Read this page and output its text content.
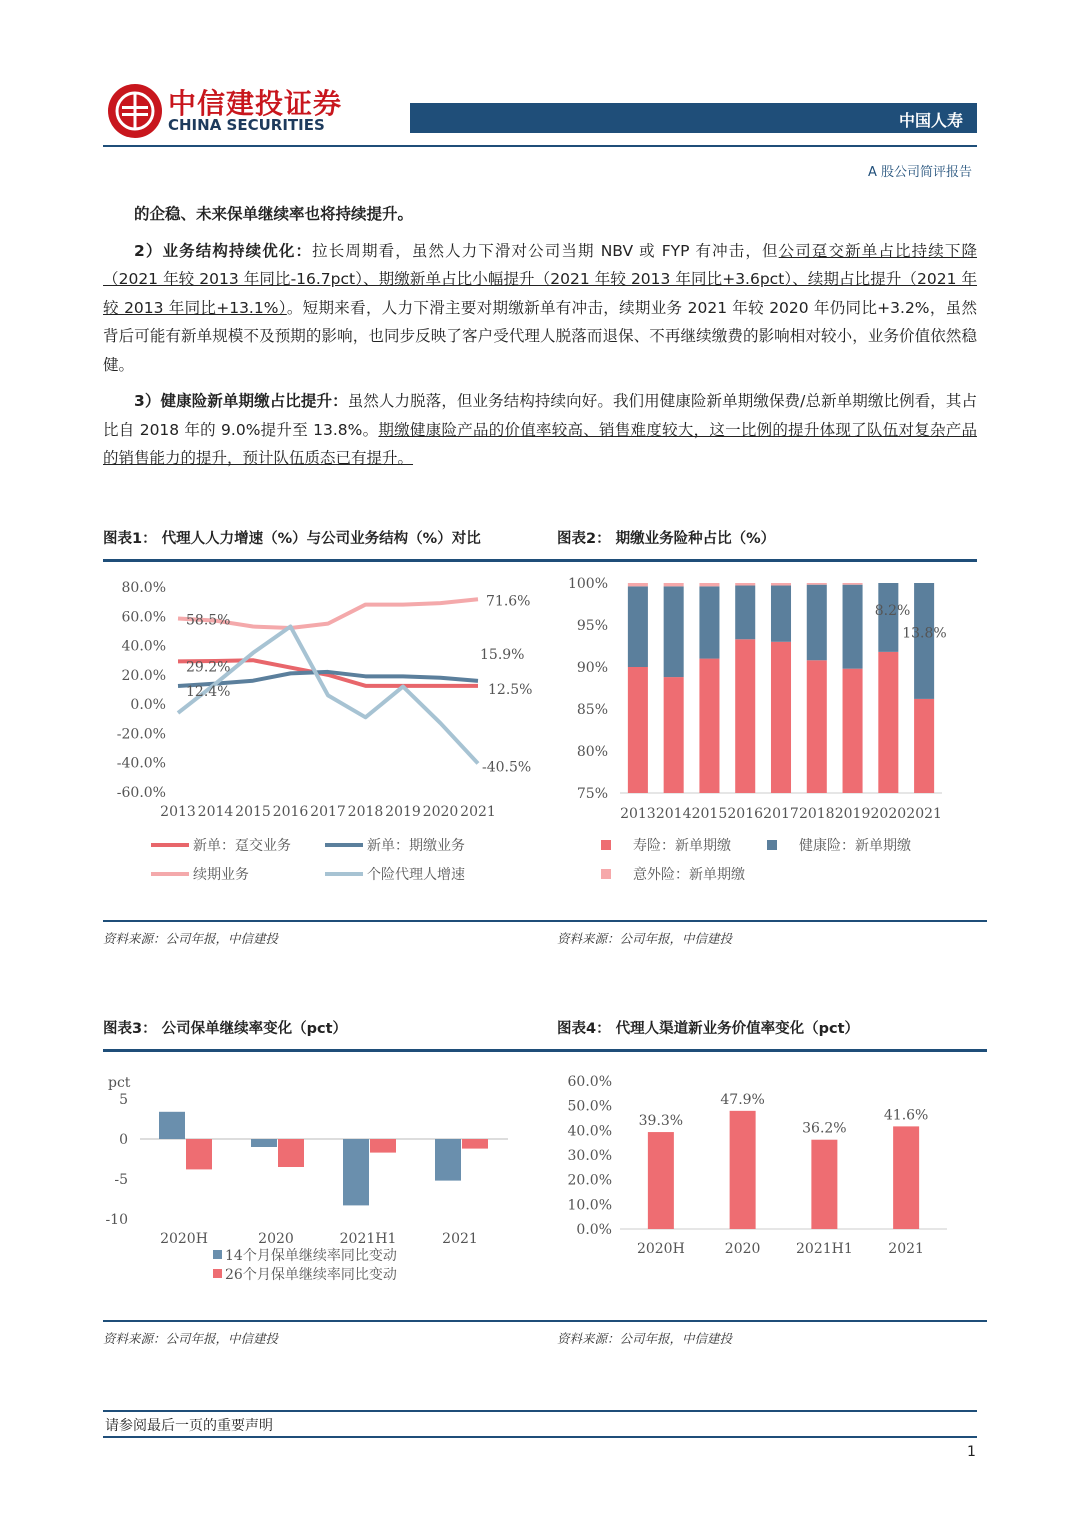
中信建投证券
CHINA SECURITIES	中国人寿
A 股公司简评报告

的企稳、未来保单继续率也将持续提升。

2）业务结构持续优化：拉长周期看，虽然人力下滑对公司当期 NBV 或 FYP 有冲击，但公司趸交新单占比持续下降（2021 年较 2013 年同比-16.7pct）、期缴新单占比小幅提升（2021 年较 2013 年同比+3.6pct）、续期占比提升（2021 年较 2013 年同比+13.1%）。短期来看，人力下滑主要对期缴新单有冲击，续期业务 2021 年较 2020 年仍同比+3.2%，虽然背后可能有新单规模不及预期的影响，也同步反映了客户受代理人脱落而退保、不再继续缴费的影响相对较小，业务价值依然稳健。

3）健康险新单期缴占比提升：虽然人力脱落，但业务结构持续向好。我们用健康险新单期缴保费/总新单期缴比例看，其占比自 2018 年的 9.0%提升至 13.8%。期缴健康险产品的价值率较高、销售难度较大，这一比例的提升体现了队伍对复杂产品的销售能力的提升，预计队伍质态已有提升。

图表1： 代理人人力增速（%）与公司业务结构（%）对比	图表2： 期缴业务险种占比（%）
资料来源：公司年报，中信建投	资料来源：公司年报，中信建投
图表3： 公司保单继续率变化（pct）	图表4： 代理人渠道新业务价值率变化（pct）
资料来源：公司年报，中信建投	资料来源：公司年报，中信建投
80.0%
60.0%
40.0%
20.0%
0.0%
-20.0%
-40.0%
-60.0%
2013 2014 2015 2016 2017 2018 2019 2020 2021
58.5%
29.2%
12.4%
71.6%
15.9%
12.5%
-40.5%
新单：趸交业务	新单：期缴业务
续期业务	个险代理人增速
100%
95%
90%
85%
80%
75%
2013 2014 2015 2016 2017 2018 2019 2020 2021
8.2%
13.8%
寿险：新单期缴	健康险：新单期缴
意外险：新单期缴
pct
5
0
-5
-10
2020H	2020	2021H1	2021
14个月保单继续率同比变动
26个月保单继续率同比变动
60.0%
50.0%
40.0%
30.0%
20.0%
10.0%
0.0%
39.3%
2020H
47.9%
2020
36.2%
2021H1
41.6%
2021
请参阅最后一页的重要声明
1
